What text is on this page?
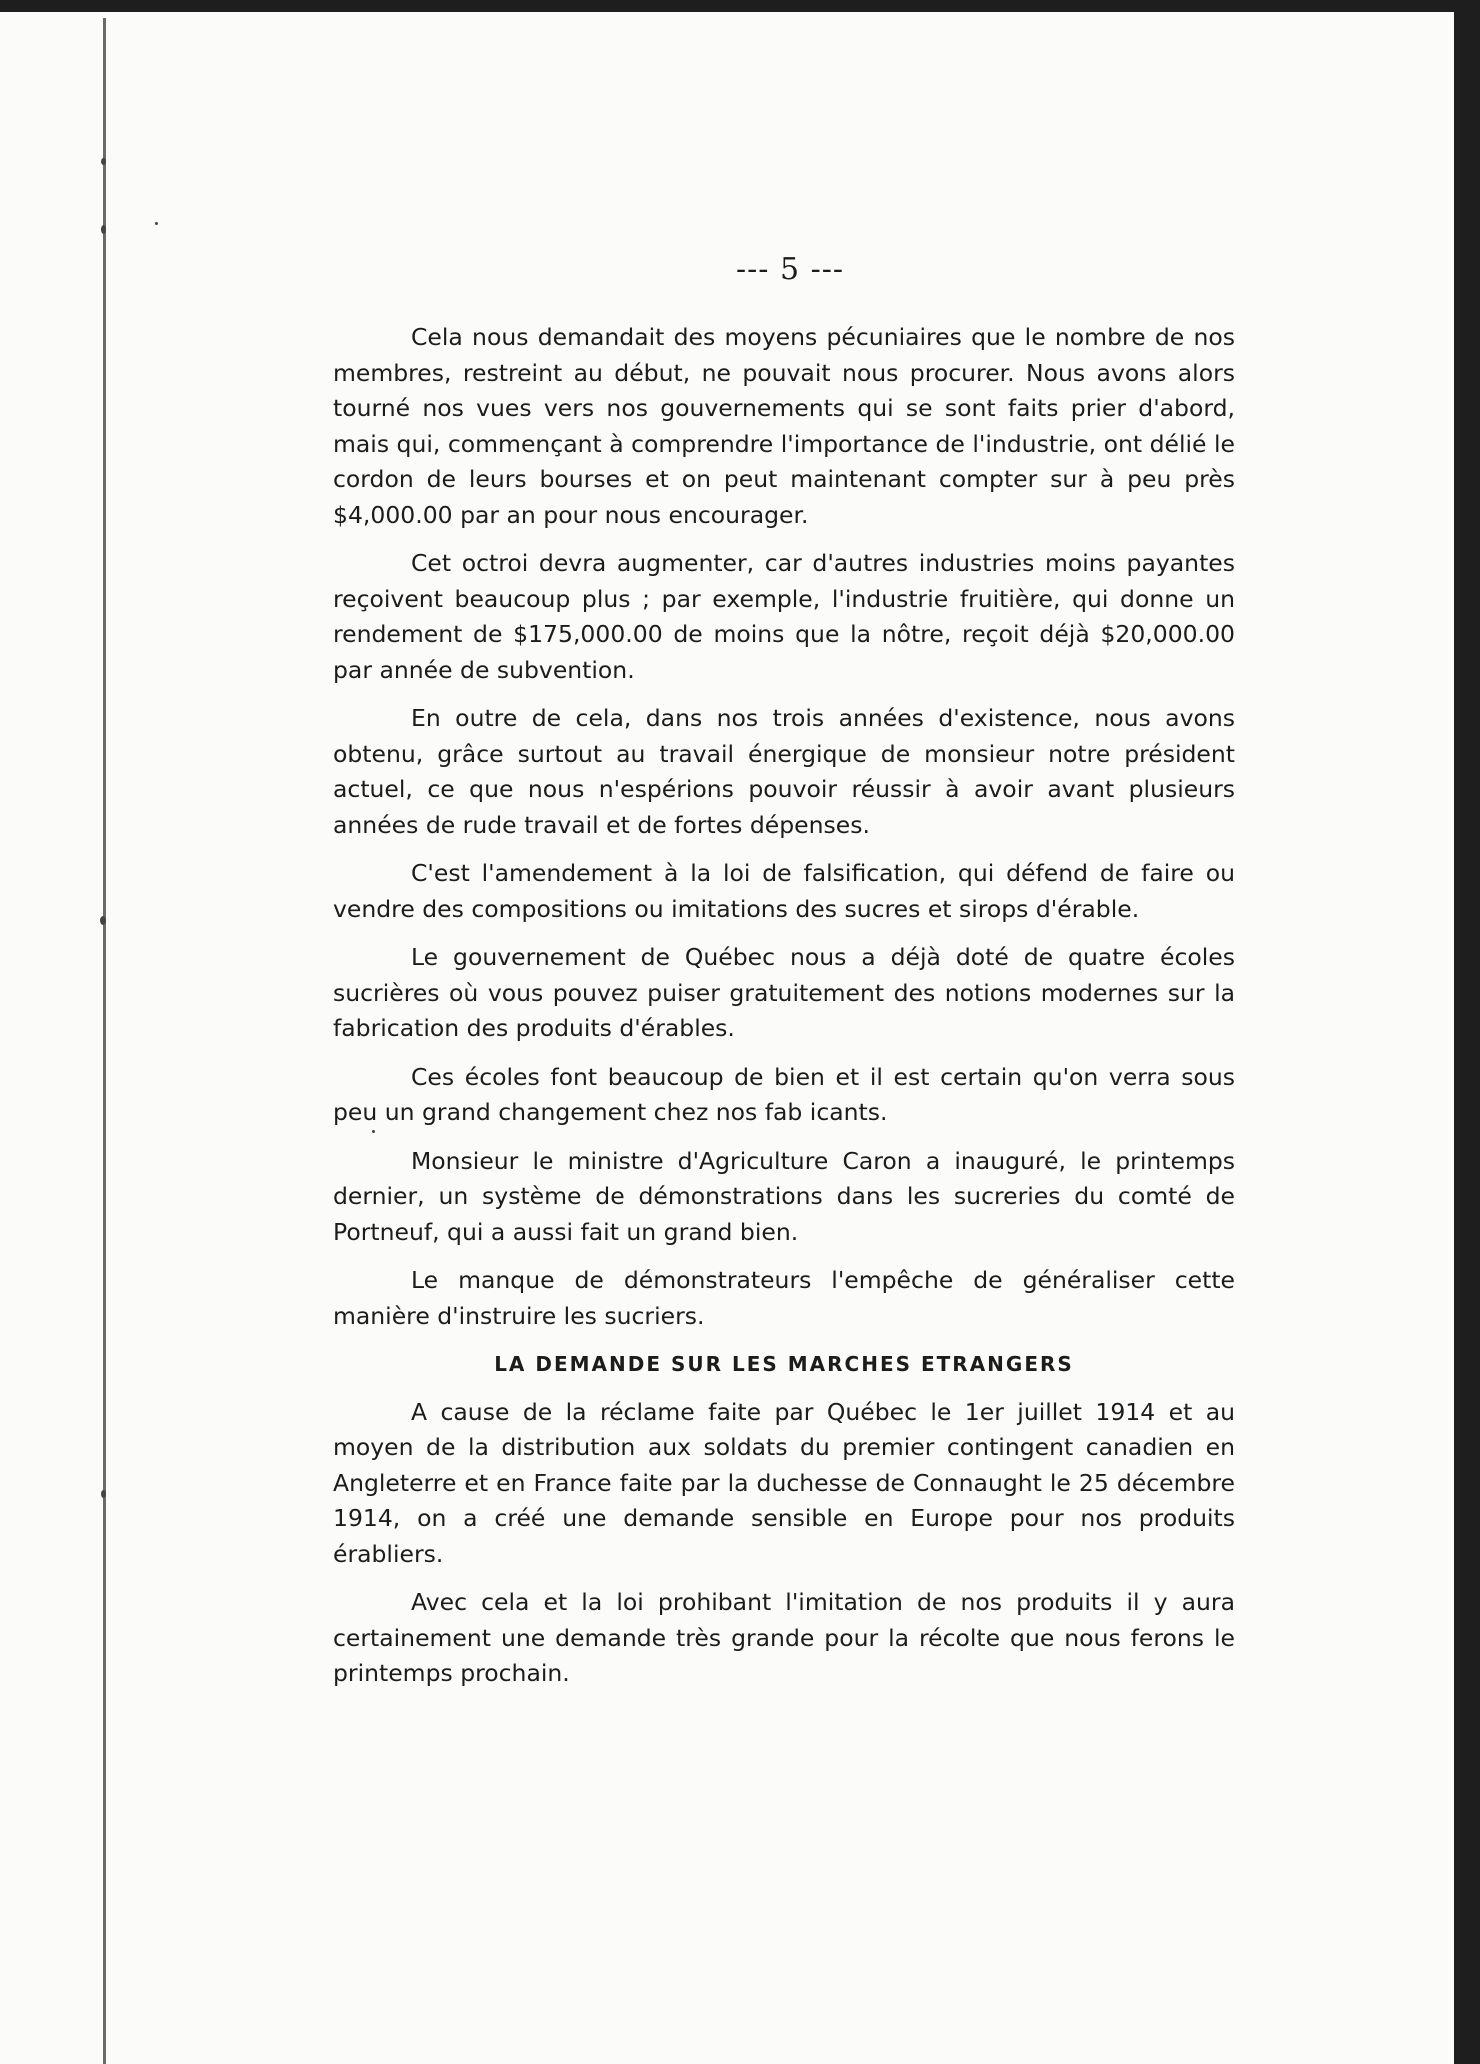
--- 5 ---

Cela nous demandait des moyens pécuniaires que le nombre de nos membres, restreint au début, ne pouvait nous procurer. Nous avons alors tourné nos vues vers nos gouvernements qui se sont faits prier d'abord, mais qui, commençant à comprendre l'importance de l'industrie, ont délié le cordon de leurs bourses et on peut maintenant compter sur à peu près $4,000.00 par an pour nous encourager.

Cet octroi devra augmenter, car d'autres industries moins payantes reçoivent beaucoup plus ; par exemple, l'industrie fruitière, qui donne un rendement de $175,000.00 de moins que la nôtre, reçoit déjà $20,000.00 par année de subvention.

En outre de cela, dans nos trois années d'existence, nous avons obtenu, grâce surtout au travail énergique de monsieur notre président actuel, ce que nous n'espérions pouvoir réussir à avoir avant plusieurs années de rude travail et de fortes dépenses.

C'est l'amendement à la loi de falsification, qui défend de faire ou vendre des compositions ou imitations des sucres et sirops d'érable.

Le gouvernement de Québec nous a déjà doté de quatre écoles sucrières où vous pouvez puiser gratuitement des notions modernes sur la fabrication des produits d'érables.

Ces écoles font beaucoup de bien et il est certain qu'on verra sous peu un grand changement chez nos fab icants.

Monsieur le ministre d'Agriculture Caron a inauguré, le printemps dernier, un système de démonstrations dans les sucreries du comté de Portneuf, qui a aussi fait un grand bien.

Le manque de démonstrateurs l'empêche de généraliser cette manière d'instruire les sucriers.

LA DEMANDE SUR LES MARCHES ETRANGERS

A cause de la réclame faite par Québec le 1er juillet 1914 et au moyen de la distribution aux soldats du premier contingent canadien en Angleterre et en France faite par la duchesse de Connaught le 25 décembre 1914, on a créé une demande sensible en Europe pour nos produits érabliers.

Avec cela et la loi prohibant l'imitation de nos produits il y aura certainement une demande très grande pour la récolte que nous ferons le printemps prochain.
